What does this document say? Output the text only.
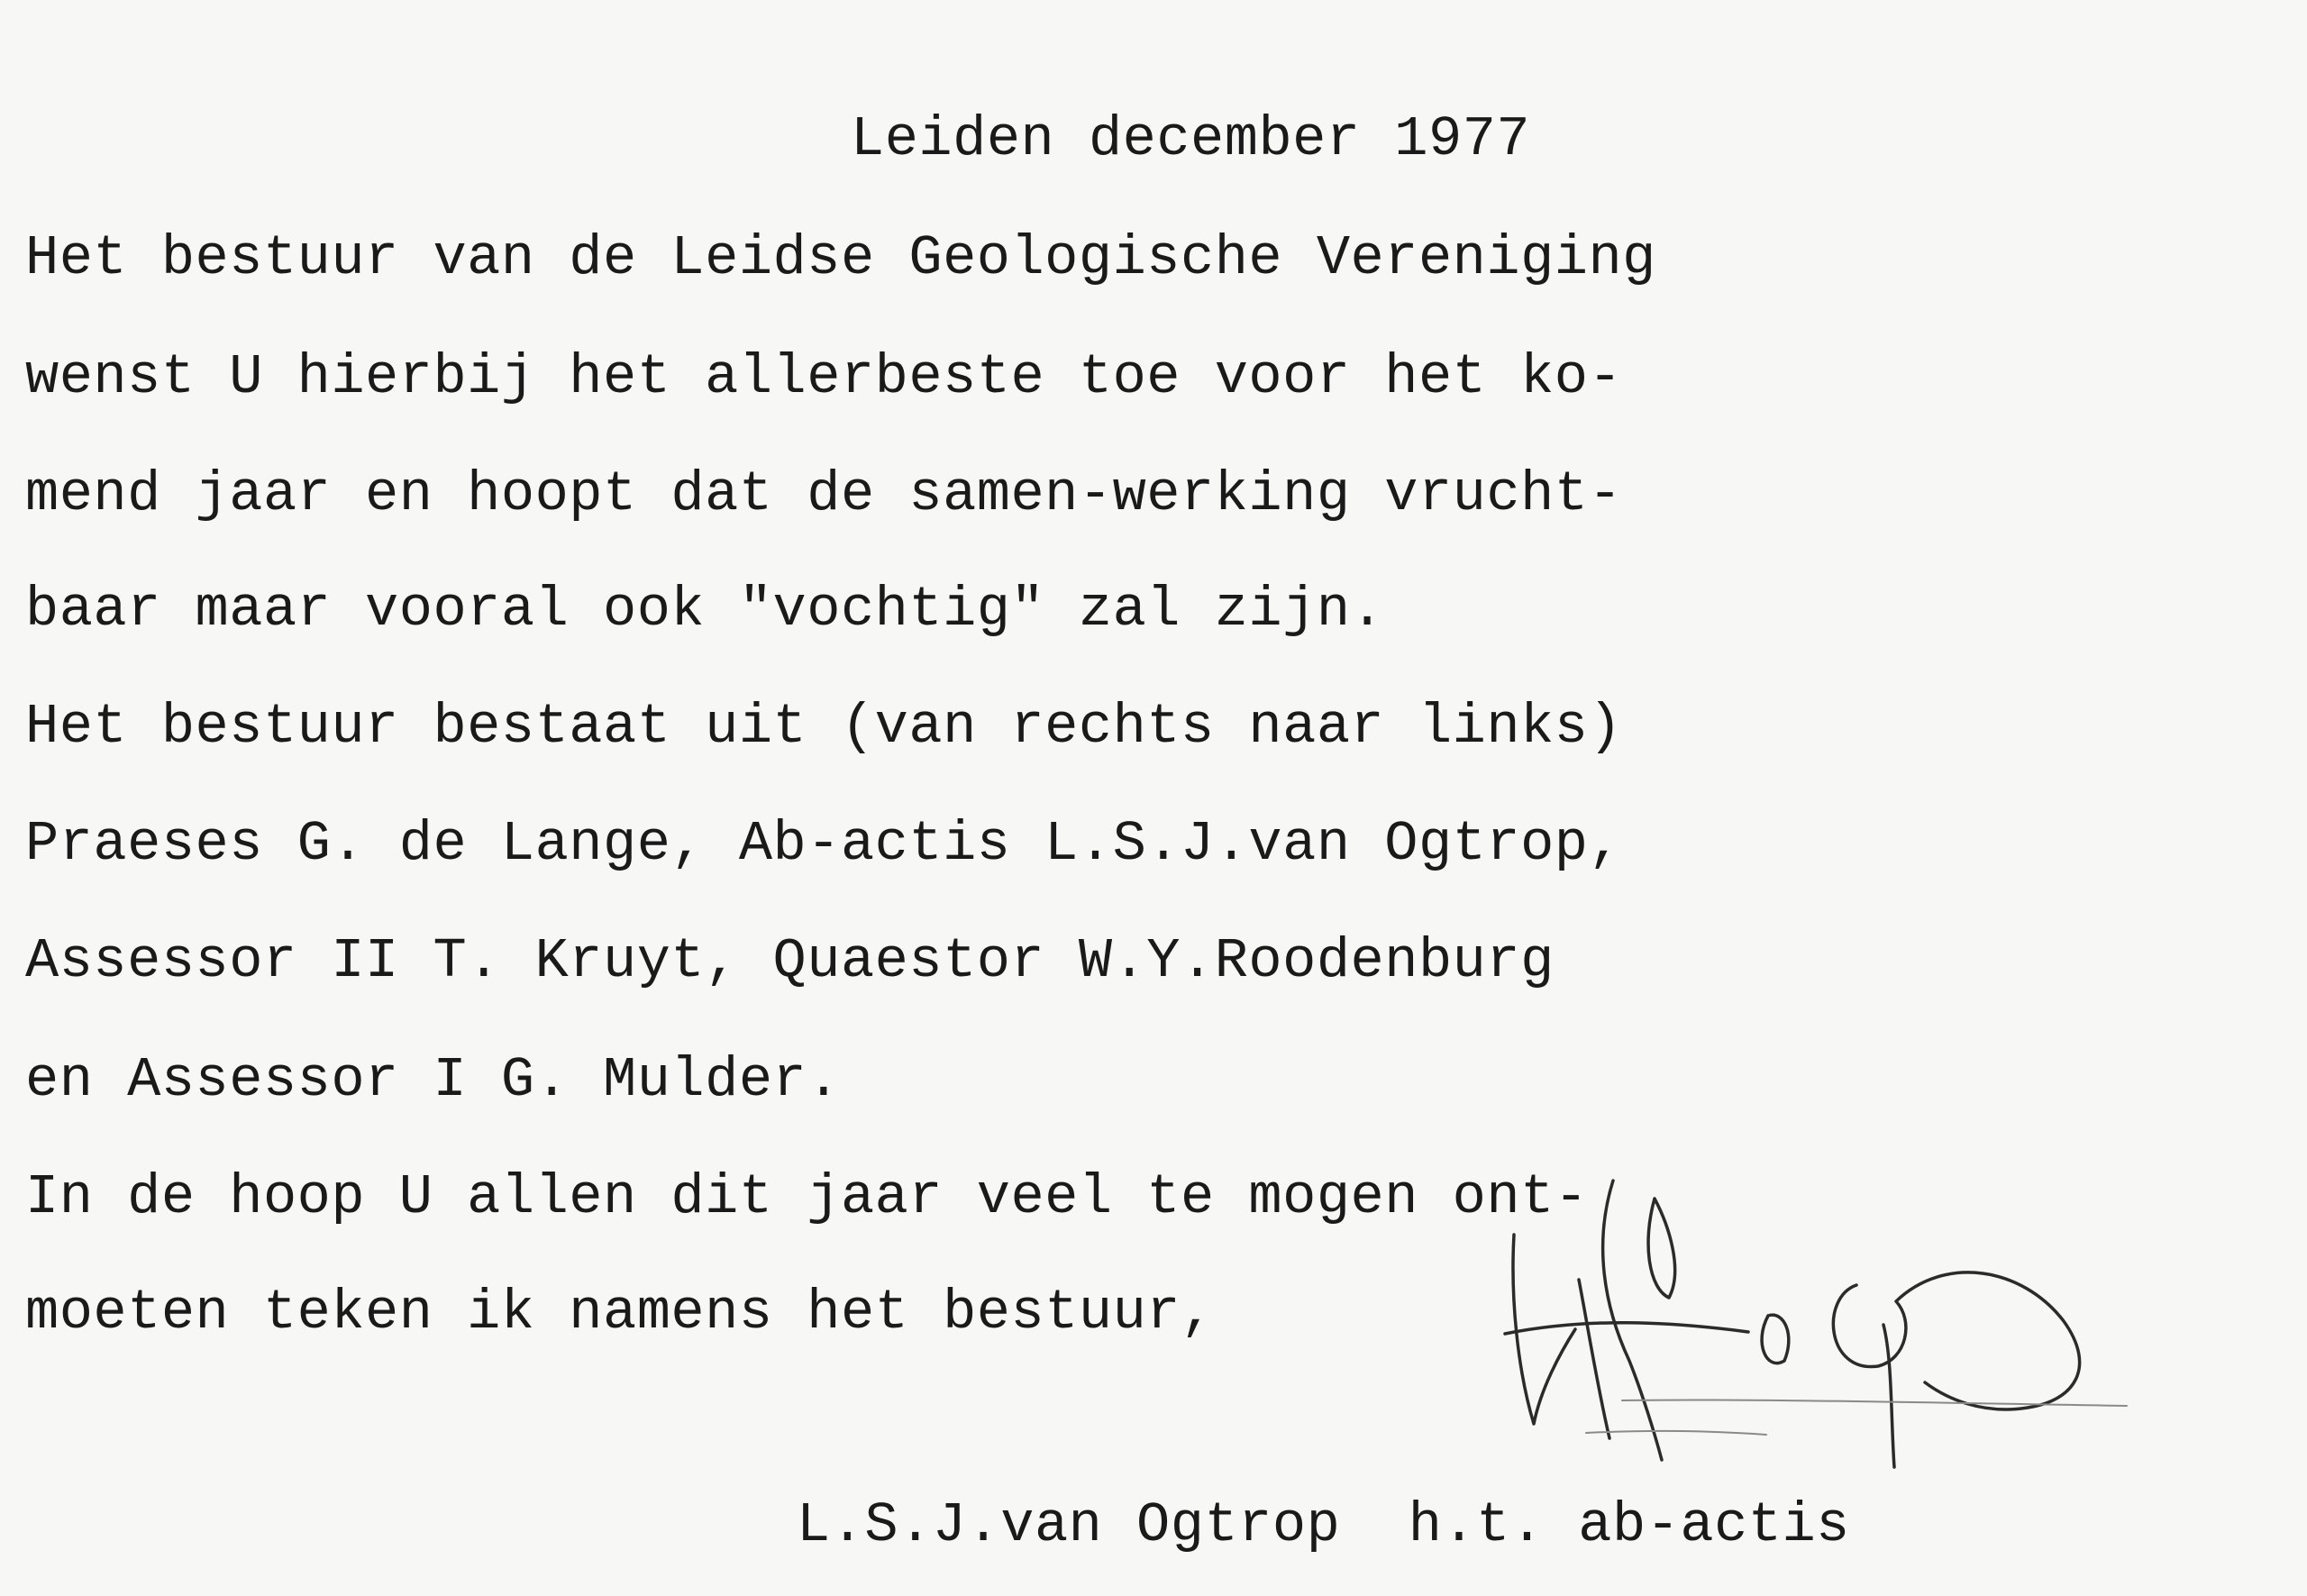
Leiden december 1977

Het bestuur van de Leidse Geologische Vereniging

wenst U hierbij het allerbeste toe voor het ko-

mend jaar en hoopt dat de samen-werking vrucht-

baar maar vooral ook "vochtig" zal zijn.

Het bestuur bestaat uit (van rechts naar links)

Praeses G. de Lange, Ab-actis L.S.J.van Ogtrop,

Assessor II T. Kruyt, Quaestor W.Y.Roodenburg

en Assessor I G. Mulder.

In de hoop U allen dit jaar veel te mogen ont-

moeten teken ik namens het bestuur,

L.S.J.van Ogtrop  h.t. ab-actis
